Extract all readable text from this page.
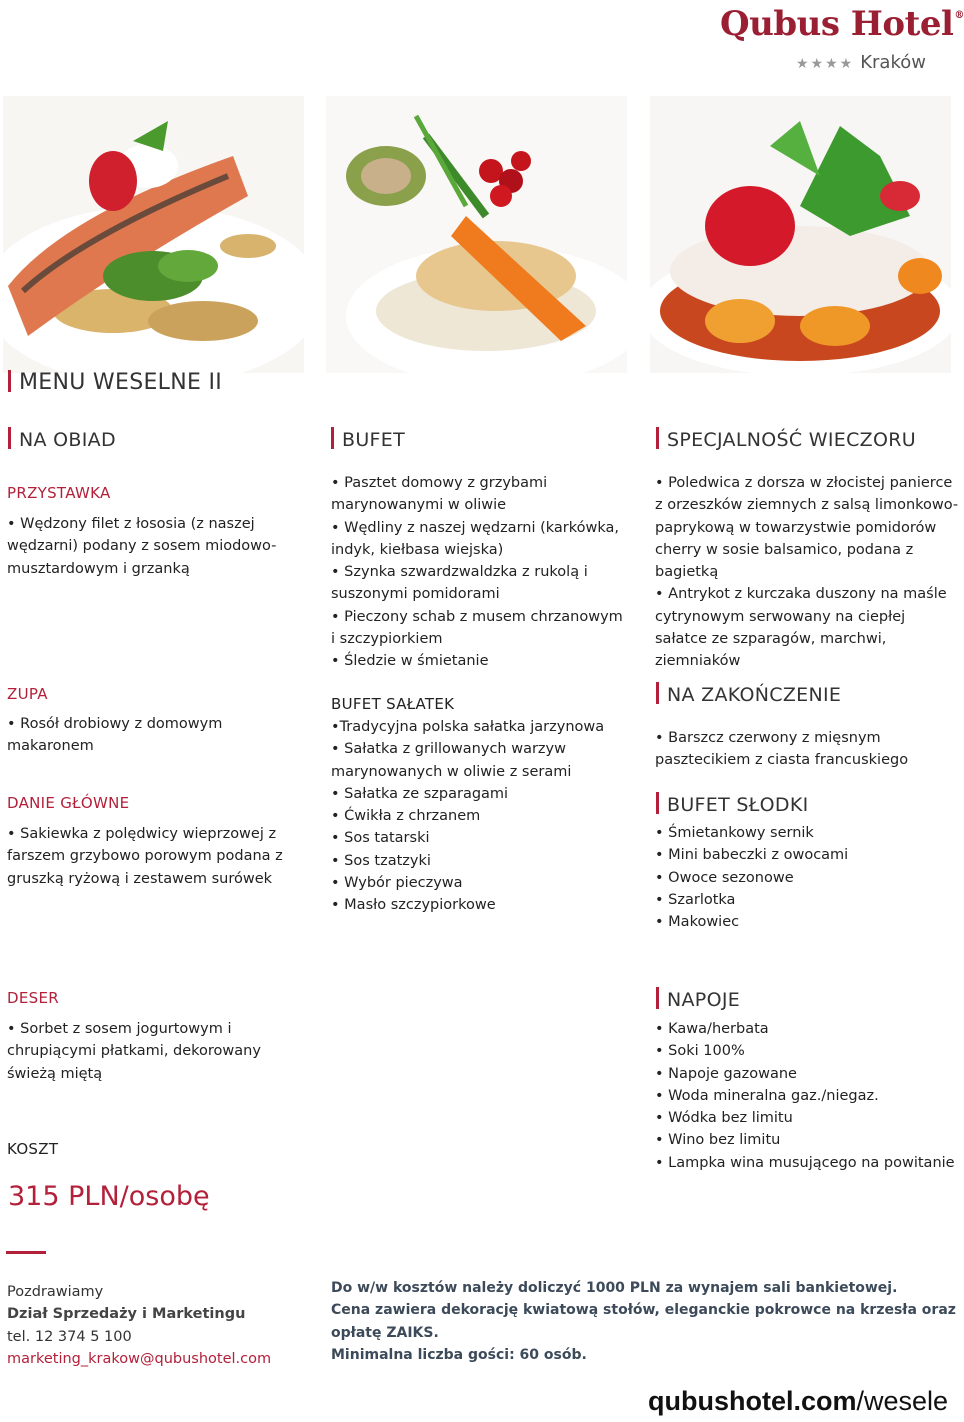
Qubus Hotel®
★★★★ Kraków
MENU WESELNE II
NA OBIAD
PRZYSTAWKA
• Wędzony filet z łososia (z naszej wędzarni) podany z sosem miodowo-musztardowym i grzanką
ZUPA
• Rosół drobiowy z domowym makaronem
DANIE GŁÓWNE
• Sakiewka z polędwicy wieprzowej z farszem grzybowo porowym podana z gruszką ryżową i zestawem surówek
BUFET
• Pasztet domowy z grzybami marynowanymi w oliwie
• Wędliny z naszej wędzarni (karkówka, indyk, kiełbasa wiejska)
• Szynka szwardzwaldzka z rukolą i suszonymi pomidorami
• Pieczony schab z musem chrzanowym i szczypiorkiem
• Śledzie w śmietanie
BUFET SAŁATEK
• Tradycyjna polska sałatka jarzynowa
• Sałatka z grillowanych warzyw marynowanych w oliwie z serami
• Sałatka ze szparagami
• Ćwikła z chrzanem
• Sos tatarski
• Sos tzatzyki
• Wybór pieczywa
• Masło szczypiorkowe
SPECJALNOŚĆ WIECZORU
• Poledwica z dorsza w złocistej panierce z orzeszków ziemnych z salsą limonkowo-paprykową w towarzystwie pomidorów cherry w sosie balsamico, podana z bagietką
• Antrykot z kurczaka duszony na maśle cytrynowym serwowany na ciepłej sałatce ze szparagów, marchwi, ziemniaków
NA ZAKOŃCZENIE
• Barszcz czerwony z mięsnym pasztecikiem z ciasta francuskiego
BUFET SŁODKI
• Śmietankowy sernik
• Mini babeczki z owocami
• Owoce sezonowe
• Szarlotka
• Makowiec
DESER
• Sorbet z sosem jogurtowym i chrupiącymi płatkami, dekorowany świeżą miętą
NAPOJE
• Kawa/herbata
• Soki 100%
• Napoje gazowane
• Woda mineralna gaz./niegaz.
• Wódka bez limitu
• Wino bez limitu
• Lampka wina musującego na powitanie
KOSZT
315 PLN/osobę
Pozdrawiamy
Dział Sprzedaży i Marketingu
tel. 12 374 5 100
marketing_krakow@qubushotel.com
Do w/w kosztów należy doliczyć 1000 PLN za wynajem sali bankietowej.
Cena zawiera dekorację kwiatową stołów, eleganckie pokrowce na krzesła oraz opłatę ZAIKS.
Minimalna liczba gości: 60 osób.
qubushotel.com/wesele
